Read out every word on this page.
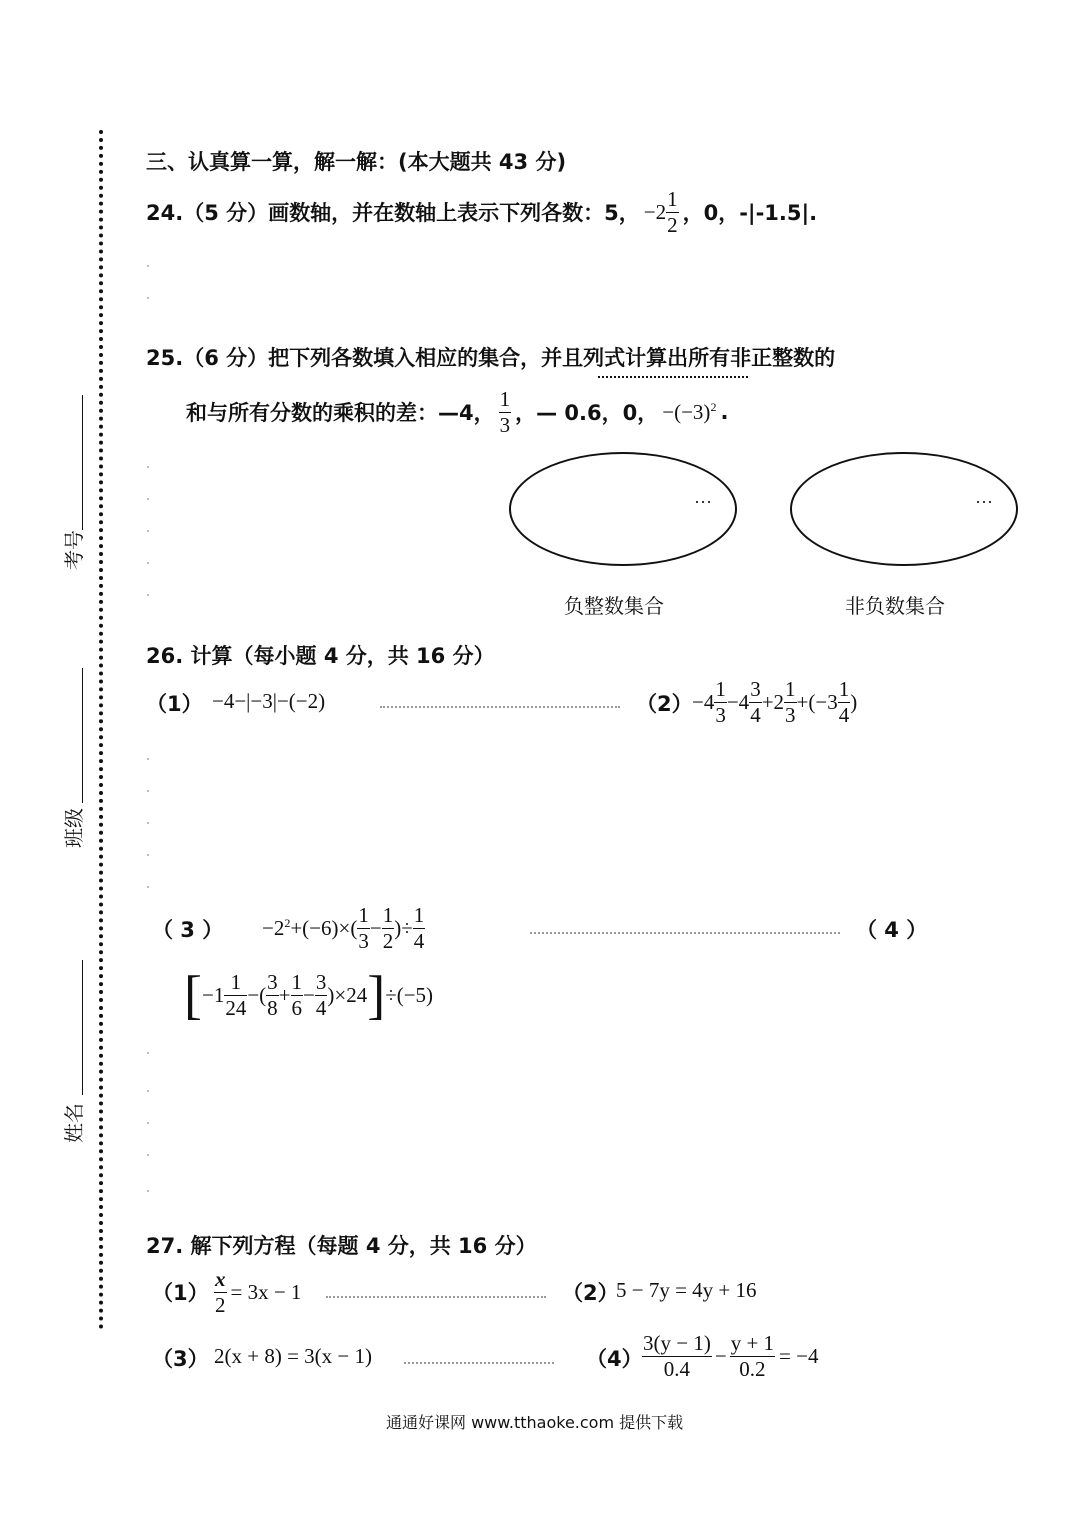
考号
班级
姓名
三、认真算一算，解一解：(本大题共 43 分)
24.（5 分）画数轴，并在数轴上表示下列各数：5， $-2 \frac{1}{2}$ ，0，-|-1.5|.
25.（6 分）把下列各数填入相应的集合，并且列式计算出所有非正整数的
和与所有分数的乘积的差：—4， $\frac{1}{3}$ ，— 0.6，0， $-(-3)^2$ .
···
负整数集合
···
非负数集合
26. 计算（每小题 4 分，共 16 分）
（1） −4−|−3|−(−2)	$(2) -4 \frac{1}{3} -4 \frac{3}{4} +2 \frac{1}{3} +(-3 \frac{1}{4}$ )
（ 3 ） $-2^2+(-6)\times( \frac{1}{3} - \frac{1}{2}$ )÷ $\frac{1}{4}$	（ 4 ）
[ $-1 \frac{1}{24}$ −( $\frac{3}{8} + \frac{1}{6} - \frac{3}{4} )\times 24$ ] ÷(−5)
27. 解下列方程（每题 4 分，共 16 分）
$(1) \frac{x}{2} = 3x - 1$	（2）
5 − 7y = 4y + 16
（3） 2(x + 8) = 3(x − 1)	$(4) \frac{3(y - 1)}{0.4} - \frac{y + 1}{0.2} = -4$
通通好课网 www.tthaoke.com 提供下载
